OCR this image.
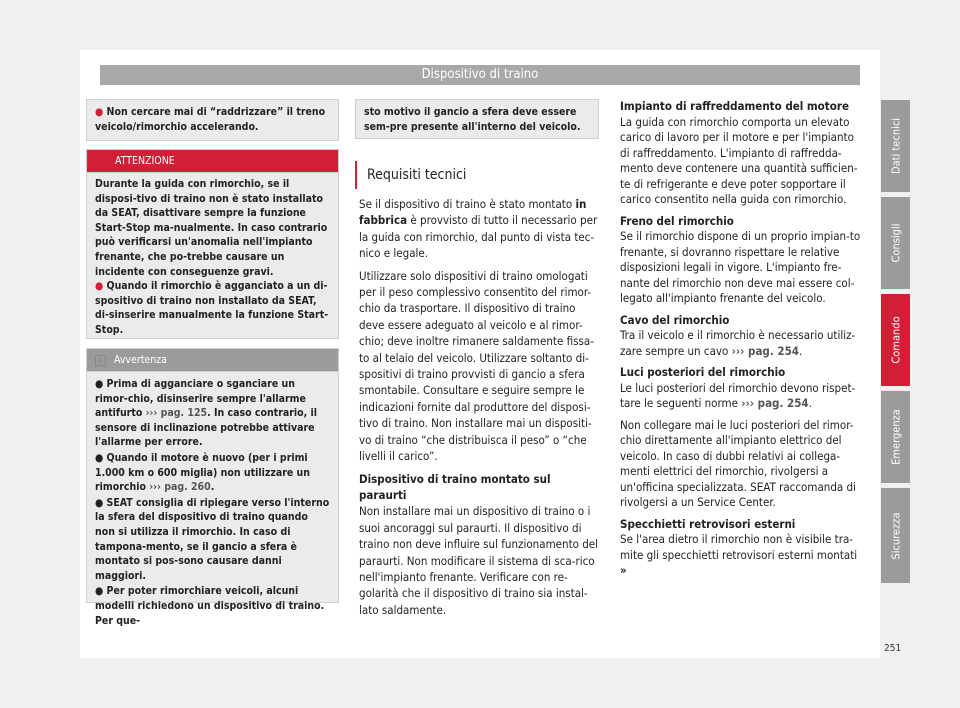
Dispositivo di traino

● Non cercare mai di “raddrizzare” il treno veicolo/rimorchio accelerando.

ATTENZIONE

Durante la guida con rimorchio, se il disposi-tivo di traino non è stato installato da SEAT, disattivare sempre la funzione Start-Stop ma-nualmente. In caso contrario può verificarsi un'anomalia nell'impianto frenante, che po-trebbe causare un incidente con conseguenze gravi.

● Quando il rimorchio è agganciato a un di-spositivo di traino non installato da SEAT, di-sinserire manualmente la funzione Start-Stop.

i Avvertenza

● Prima di agganciare o sganciare un rimor-chio, disinserire sempre l'allarme antifurto ››› pag. 125. In caso contrario, il sensore di inclinazione potrebbe attivare l'allarme per errore.

● Quando il motore è nuovo (per i primi 1.000 km o 600 miglia) non utilizzare un rimorchio ››› pag. 260.

● SEAT consiglia di ripiegare verso l'interno la sfera del dispositivo di traino quando non si utilizza il rimorchio. In caso di tampona-mento, se il gancio a sfera è montato si pos-sono causare danni maggiori.

● Per poter rimorchiare veicoli, alcuni modelli richiedono un dispositivo di traino. Per que-

sto motivo il gancio a sfera deve essere sem-pre presente all'interno del veicolo.

Requisiti tecnici

Se il dispositivo di traino è stato montato in fabbrica è provvisto di tutto il necessario per la guida con rimorchio, dal punto di vista tec-nico e legale.

Utilizzare solo dispositivi di traino omologati per il peso complessivo consentito del rimor-chio da trasportare. Il dispositivo di traino deve essere adeguato al veicolo e al rimor-chio; deve inoltre rimanere saldamente fissa-to al telaio del veicolo. Utilizzare soltanto di-spositivi di traino provvisti di gancio a sfera smontabile. Consultare e seguire sempre le indicazioni fornite dal produttore del disposi-tivo di traino. Non installare mai un dispositi-vo di traino “che distribuisca il peso” o “che livelli il carico”.

Dispositivo di traino montato sul paraurti

Non installare mai un dispositivo di traino o i suoi ancoraggi sul paraurti. Il dispositivo di traino non deve influire sul funzionamento del paraurti. Non modificare il sistema di sca-rico nell'impianto frenante. Verificare con re-golarità che il dispositivo di traino sia instal-lato saldamente.

Impianto di raffreddamento del motore

La guida con rimorchio comporta un elevato carico di lavoro per il motore e per l'impianto di raffreddamento. L'impianto di raffredda-mento deve contenere una quantità sufficien-te di refrigerante e deve poter sopportare il carico consentito nella guida con rimorchio.

Freno del rimorchio

Se il rimorchio dispone di un proprio impian-to frenante, si dovranno rispettare le relative disposizioni legali in vigore. L'impianto fre-nante del rimorchio non deve mai essere col-legato all'impianto frenante del veicolo.

Cavo del rimorchio

Tra il veicolo e il rimorchio è necessario utiliz-zare sempre un cavo ››› pag. 254.

Luci posteriori del rimorchio

Le luci posteriori del rimorchio devono rispet-tare le seguenti norme ››› pag. 254.

Non collegare mai le luci posteriori del rimor-chio direttamente all'impianto elettrico del veicolo. In caso di dubbi relativi ai collega-menti elettrici del rimorchio, rivolgersi a un'officina specializzata. SEAT raccomanda di rivolgersi a un Service Center.

Specchietti retrovisori esterni

Se l'area dietro il rimorchio non è visibile tra-mite gli specchietti retrovisori esterni montati »

Dati tecnici
Consigli
Comando
Emergenza
Sicurezza
251
